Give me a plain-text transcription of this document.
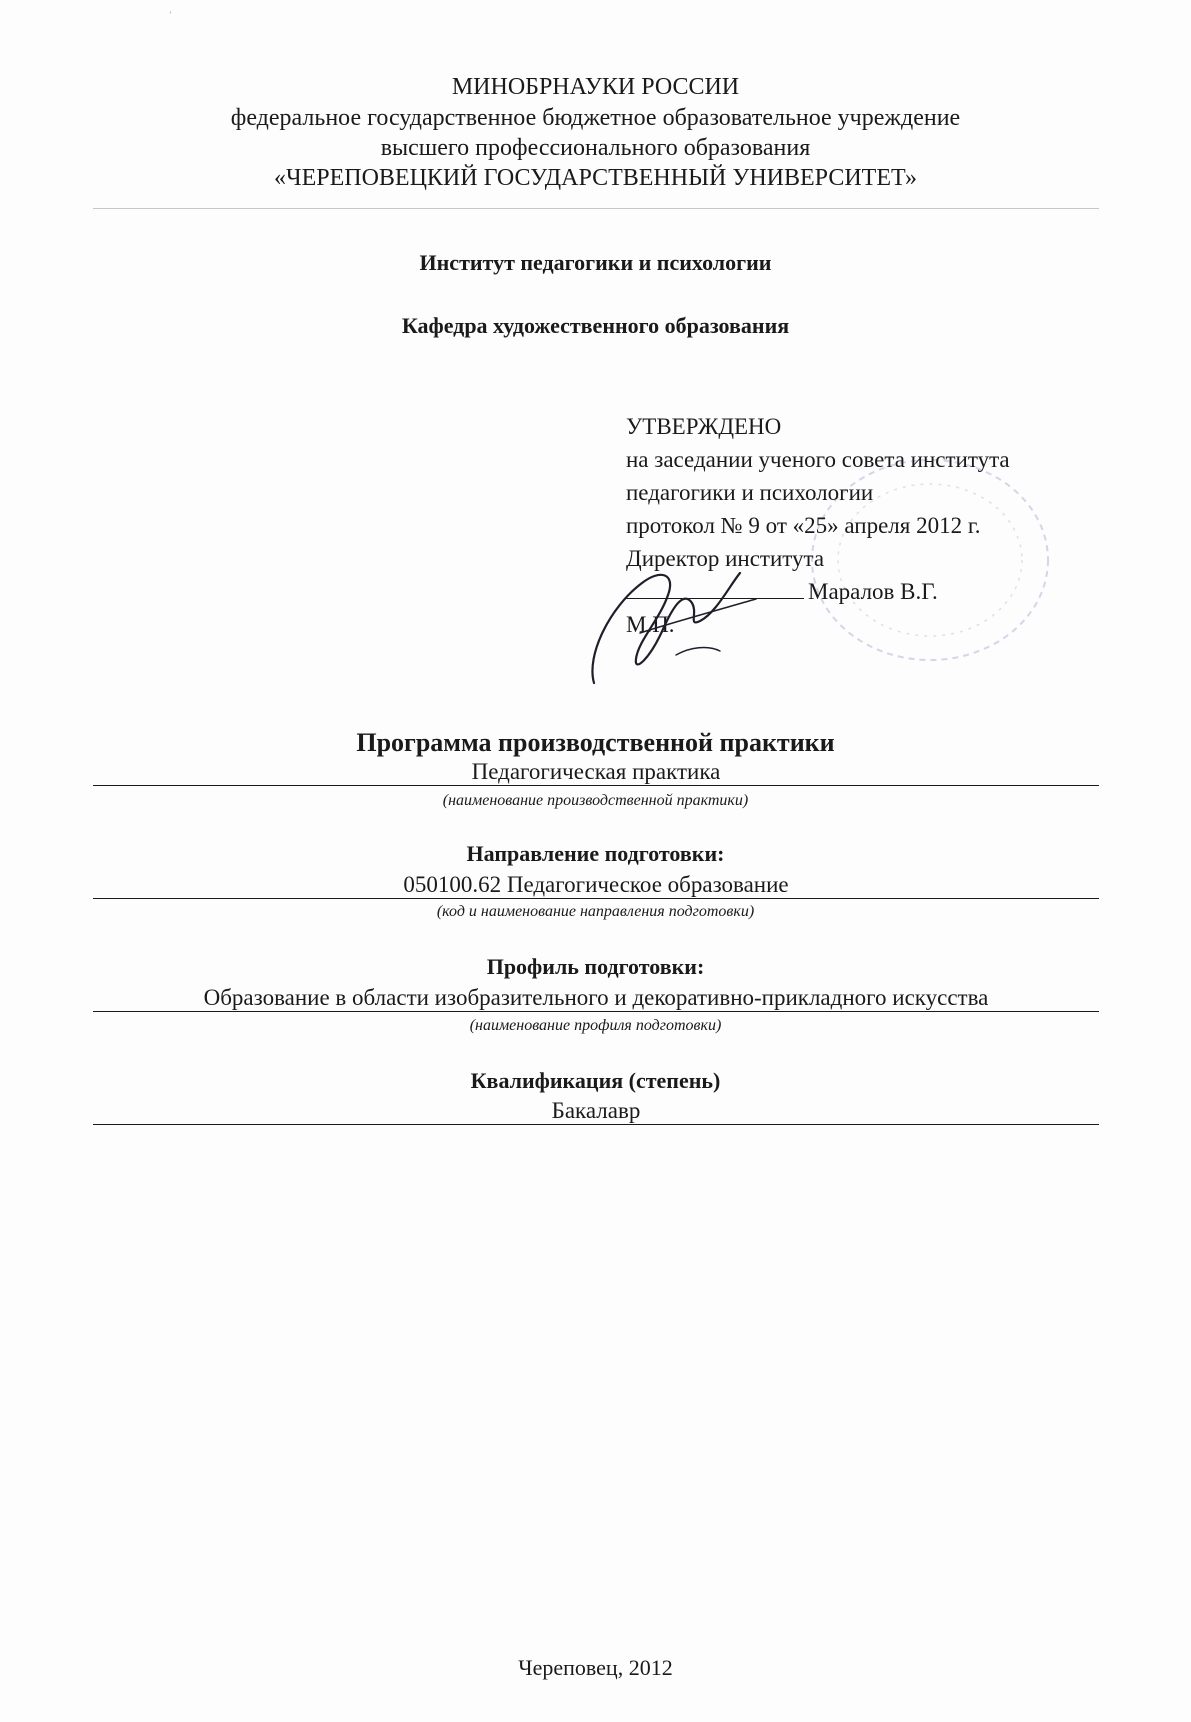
ˈ
МИНОБРНАУКИ РОССИИ
федеральное государственное бюджетное образовательное учреждение
высшего профессионального образования
«ЧЕРЕПОВЕЦКИЙ ГОСУДАРСТВЕННЫЙ УНИВЕРСИТЕТ»
Институт педагогики и психологии
Кафедра художественного образования
УТВЕРЖДЕНО
на заседании ученого совета института
педагогики и психологии
протокол № 9 от «25» апреля 2012 г.
Директор института
Маралов В.Г.
М.П.
Программа производственной практики
Педагогическая практика
(наименование производственной практики)
Направление подготовки:
050100.62 Педагогическое образование
(код и наименование направления подготовки)
Профиль подготовки:
Образование в области изобразительного и декоративно-прикладного искусства
(наименование профиля подготовки)
Квалификация (степень)
Бакалавр
Череповец, 2012
